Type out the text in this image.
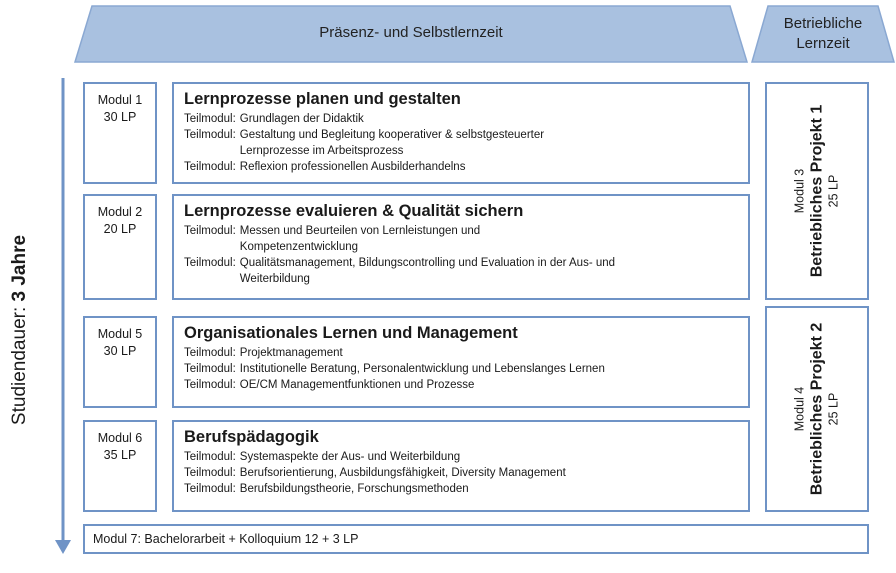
Präsenz- und Selbstlernzeit
Betriebliche Lernzeit
Studiendauer: 3 Jahre
Modul 1
30 LP
Lernprozesse planen und gestalten
Teilmodul: Grundlagen der Didaktik
Teilmodul: Gestaltung und Begleitung kooperativer & selbstgesteuerter Lernprozesse im Arbeitsprozess
Teilmodul: Reflexion professionellen Ausbilderhandelns
Modul 2
20 LP
Lernprozesse evaluieren & Qualität sichern
Teilmodul: Messen und Beurteilen von Lernleistungen und Kompetenzentwicklung
Teilmodul: Qualitätsmanagement, Bildungscontrolling und Evaluation in der Aus- und Weiterbildung
Modul 5
30 LP
Organisationales Lernen und Management
Teilmodul: Projektmanagement
Teilmodul: Institutionelle Beratung, Personalentwicklung und Lebenslanges Lernen
Teilmodul: OE/CM Managementfunktionen und Prozesse
Modul 6
35 LP
Berufspädagogik
Teilmodul: Systemaspekte der Aus- und Weiterbildung
Teilmodul: Berufsorientierung, Ausbildungsfähigkeit, Diversity Management
Teilmodul: Berufsbildungstheorie, Forschungsmethoden
Modul 3 Betriebliches Projekt 1 25 LP
Modul 4 Betriebliches Projekt 2 25 LP
Modul 7: Bachelorarbeit + Kolloquium 12 + 3 LP
